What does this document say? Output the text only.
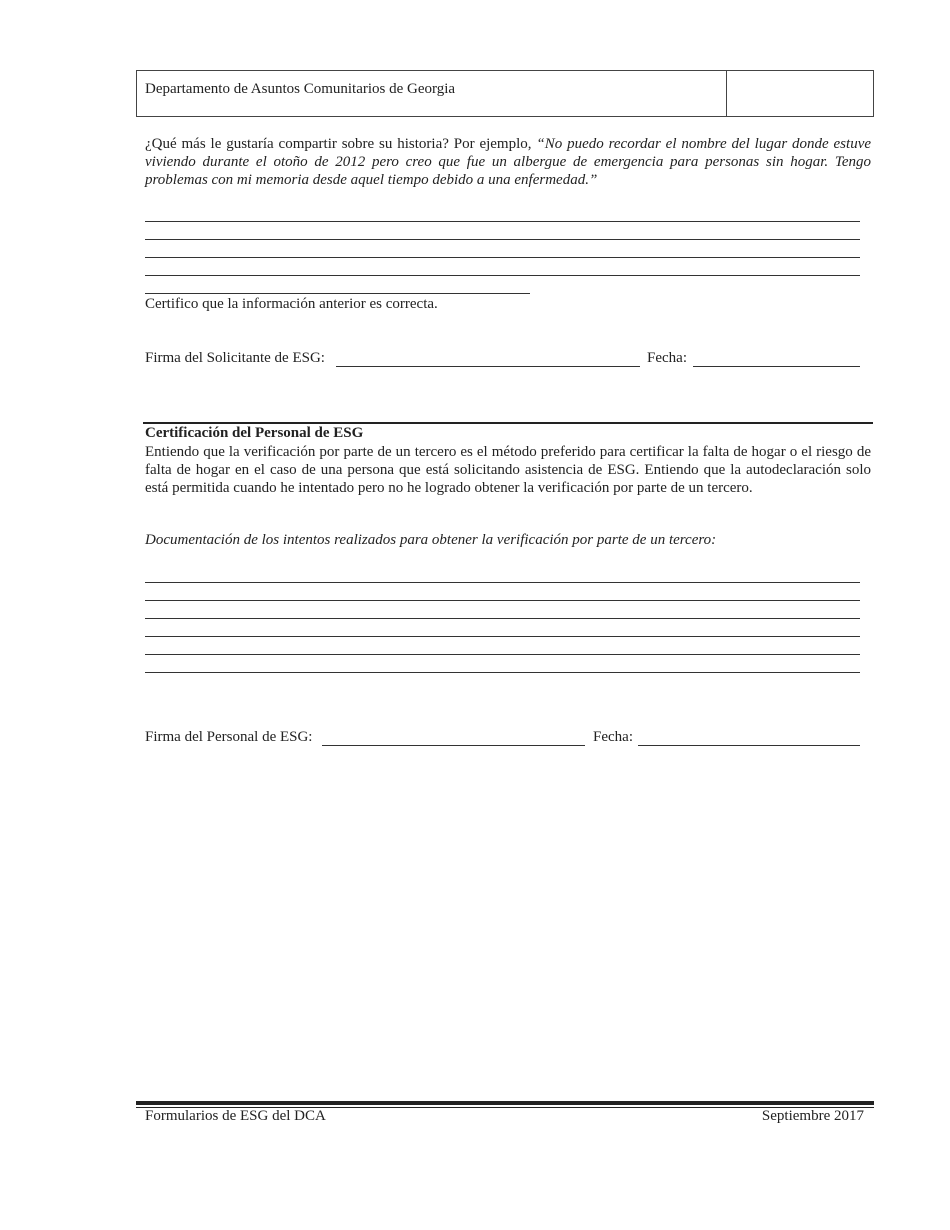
Departamento de Asuntos Comunitarios de Georgia

¿Qué más le gustaría compartir sobre su historia? Por ejemplo, “No puedo recordar el nombre del lugar donde estuve viviendo durante el otoño de 2012 pero creo que fue un albergue de emergencia para personas sin hogar. Tengo problemas con mi memoria desde aquel tiempo debido a una enfermedad.”

Certifico que la información anterior es correcta.
Firma del Solicitante de ESG:	Fecha:
Certificación del Personal de ESG

Entiendo que la verificación por parte de un tercero es el método preferido para certificar la falta de hogar o el riesgo de falta de hogar en el caso de una persona que está solicitando asistencia de ESG. Entiendo que la autodeclaración solo está permitida cuando he intentado pero no he logrado obtener la verificación por parte de un tercero.

Documentación de los intentos realizados para obtener la verificación por parte de un tercero:
Firma del Personal de ESG:	Fecha:
Formularios de ESG del DCA	Septiembre 2017
